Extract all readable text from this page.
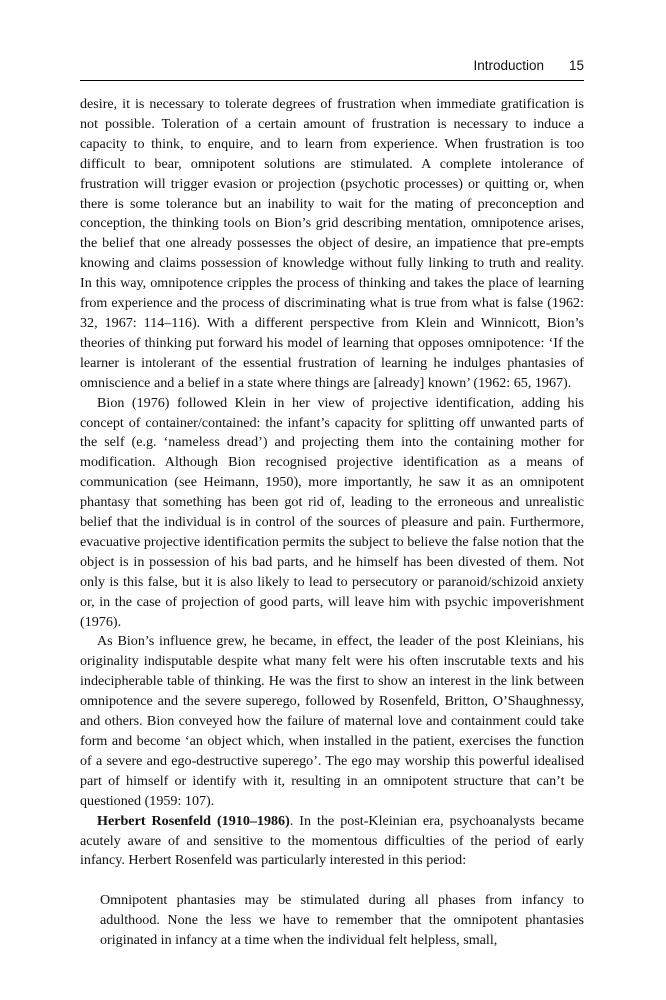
Introduction 15

desire, it is necessary to tolerate degrees of frustration when immediate gratification is not possible. Toleration of a certain amount of frustration is necessary to induce a capacity to think, to enquire, and to learn from experience. When frustration is too difficult to bear, omnipotent solutions are stimulated. A complete intolerance of frustration will trigger evasion or projection (psychotic processes) or quitting or, when there is some tolerance but an inability to wait for the mating of preconception and conception, the thinking tools on Bion’s grid describing mentation, omnipotence arises, the belief that one already possesses the object of desire, an impatience that pre-empts knowing and claims possession of knowledge without fully linking to truth and reality. In this way, omnipotence cripples the process of thinking and takes the place of learning from experience and the process of discriminating what is true from what is false (1962: 32, 1967: 114–116). With a different perspective from Klein and Winnicott, Bion’s theories of thinking put forward his model of learning that opposes omnipotence: ‘If the learner is intolerant of the essential frustration of learning he indulges phantasies of omniscience and a belief in a state where things are [already] known’ (1962: 65, 1967).

Bion (1976) followed Klein in her view of projective identification, adding his concept of container/contained: the infant’s capacity for splitting off unwanted parts of the self (e.g. ‘nameless dread’) and projecting them into the containing mother for modification. Although Bion recognised projective identification as a means of communication (see Heimann, 1950), more importantly, he saw it as an omnipotent phantasy that something has been got rid of, leading to the erroneous and unrealistic belief that the individual is in control of the sources of pleasure and pain. Furthermore, evacuative projective identification permits the subject to believe the false notion that the object is in possession of his bad parts, and he himself has been divested of them. Not only is this false, but it is also likely to lead to persecutory or paranoid/schizoid anxiety or, in the case of projection of good parts, will leave him with psychic impoverishment (1976).

As Bion’s influence grew, he became, in effect, the leader of the post Kleinians, his originality indisputable despite what many felt were his often inscrutable texts and his indecipherable table of thinking. He was the first to show an interest in the link between omnipotence and the severe superego, followed by Rosenfeld, Britton, O’Shaughnessy, and others. Bion conveyed how the failure of maternal love and containment could take form and become ‘an object which, when installed in the patient, exercises the function of a severe and ego-destructive superego’. The ego may worship this powerful idealised part of himself or identify with it, resulting in an omnipotent structure that can’t be questioned (1959: 107).

Herbert Rosenfeld (1910–1986). In the post-Kleinian era, psychoanalysts became acutely aware of and sensitive to the momentous difficulties of the period of early infancy. Herbert Rosenfeld was particularly interested in this period:

Omnipotent phantasies may be stimulated during all phases from infancy to adulthood. None the less we have to remember that the omnipotent phantasies originated in infancy at a time when the individual felt helpless, small,
